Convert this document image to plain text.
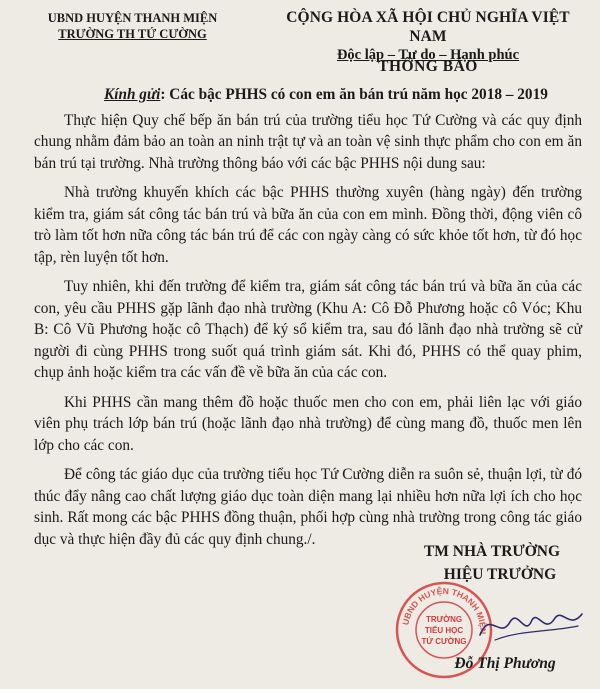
UBND HUYỆN THANH MIỆN
TRƯỜNG TH TỨ CƯỜNG
CỘNG HÒA XÃ HỘI CHỦ NGHĨA VIỆT NAM
Độc lập – Tự do – Hạnh phúc
THÔNG BÁO

Kính gửi: Các bậc PHHS có con em ăn bán trú năm học 2018 – 2019

Thực hiện Quy chế bếp ăn bán trú của trường tiểu học Tứ Cường và các quy định chung nhằm đảm bảo an toàn an ninh trật tự và an toàn vệ sinh thực phẩm cho con em ăn bán trú tại trường. Nhà trường thông báo với các bậc PHHS nội dung sau:

Nhà trường khuyến khích các bậc PHHS thường xuyên (hàng ngày) đến trường kiểm tra, giám sát công tác bán trú và bữa ăn của con em mình. Đồng thời, động viên cô trò làm tốt hơn nữa công tác bán trú để các con ngày càng có sức khỏe tốt hơn, từ đó học tập, rèn luyện tốt hơn.

Tuy nhiên, khi đến trường để kiểm tra, giám sát công tác bán trú và bữa ăn của các con, yêu cầu PHHS gặp lãnh đạo nhà trường (Khu A: Cô Đỗ Phương hoặc cô Vóc; Khu B: Cô Vũ Phương hoặc cô Thạch) để ký sổ kiểm tra, sau đó lãnh đạo nhà trường sẽ cử người đi cùng PHHS trong suốt quá trình giám sát. Khi đó, PHHS có thể quay phim, chụp ảnh hoặc kiểm tra các vấn đề về bữa ăn của các con.

Khi PHHS cần mang thêm đồ hoặc thuốc men cho con em, phải liên lạc với giáo viên phụ trách lớp bán trú (hoặc lãnh đạo nhà trường) để cùng mang đồ, thuốc men lên lớp cho các con.

Để công tác giáo dục của trường tiểu học Tứ Cường diễn ra suôn sẻ, thuận lợi, từ đó thúc đẩy nâng cao chất lượng giáo dục toàn diện mang lại nhiều hơn nữa lợi ích cho học sinh. Rất mong các bậc PHHS đồng thuận, phối hợp cùng nhà trường trong công tác giáo dục và thực hiện đầy đủ các quy định chung./.

TM NHÀ TRƯỜNG
HIỆU TRƯỞNG
UBND HUYỆN THANH MIỆN
TRƯỜNG
TIỂU HỌC
TỨ CƯỜNG
Đỗ Thị Phương
